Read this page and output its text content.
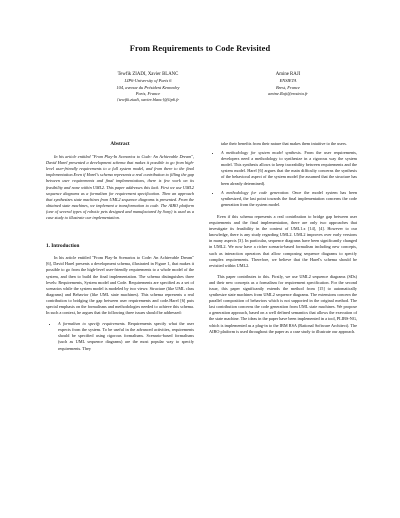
From Requirements to Code Revisited
Tewfik ZIADI, Xavier BLANC
LIP6-University of Paris 6
104, avenue du Président Kennedey
Paris, France
{tewfik.ziadi, xavier.blanc}@lip6.fr
Amine RAJI
ENSIETA
Brest, France
amine.Raji@ensieta.fr
Abstract

In his article entitled "From Play-In Scenarios to Code: An Achievable Dream", David Harel presented a development schema that makes it possible to go from high-level user-friendly requirements to a full system model, and from there to the final implementation.Even if Harel's schema represents a real contribution to filling the gap between user requirements and final implementations, there is few work on its feasibility and none within UML2. This paper addresses this lack. First we use UML2 sequence diagrams as a formalism for requirement specification. Then an approach that synthesizes state machines from UML2 sequence diagrams is presented. From the obtained state machines, we implement a transformation to code. The AIBO platform (one of several types of robotic pets designed and manufactured by Sony) is used as a case study to illustrate our implementation.

1. Introduction

In his article entitled "From Play-In Scenarios to Code: An Achievable Dream" [6], David Harel presents a development schema, illustrated in Figure 1, that makes it possible to go from the high-level user-friendly requirements to a whole model of the system, and then to build the final implementation. The schema distinguishes three levels: Requirements, System model and Code. Requirements are specified as a set of scenarios while the system model is modeled by two views: Structure (like UML class diagrams) and Behavior (like UML state machines). This schema represents a real contribution to bridging the gap between user requirements and code.Harel [6] puts special emphasis on the formalisms and methodologies needed to achieve this schema. In such a context, he argues that the following three issues should be addressed:

• A formalism to specify requirements. Requirements specify what the user expects from the system. To be useful in the advanced activities, requirements should be specified using rigorous formalisms. Scenario-based formalisms (such as UML sequence diagrams) are the most popular way to specify requirements. They
take their benefits from their nature that makes them intuitive to the users.
• A methodology for system model synthesis. From the user requirements, developers need a methodology to synthesize in a rigorous way the system model. This synthesis allows to keep traceability between requirements and the system model. Harel [6] argues that the main difficulty concerns the synthesis of the behavioral aspect of the system model (he assumed that the structure has been already determined).
• A methodology for code generation. Once the model system has been synthesized, the last point towards the final implementation concerns the code generation from the system model.

Even if this schema represents a real contribution to bridge gap between user requirements and the final implementation, there are only two approaches that investigate its feasibility in the context of UML1.x [14], [4]. However to our knowledge, there is any study regarding UML2. UML2 improves over early versions in many aspects [3]. In particular, sequence diagrams have been significantly changed in UML2. We now have a richer scenario-based formalism including new concepts, such as interaction operators that allow composing sequence diagrams to specify complex requirements. Therefore, we believe that the Harel's schema should be revisited within UML2.

This paper contributes to this. Firstly, we use UML2 sequence diagrams (SDs) and their new concepts as a formalism for requirement specification. For the second issue, this paper significantly extends the method from [15] to automatically synthesize state machines from UML2 sequence diagrams. The extensions concern the parallel composition of behaviors which is not supported in the original method. The last contribution concerns the code generation from UML state machines. We propose a generation approach, based on a well defined semantics that allows the execution of the state machine. The ideas in the paper have been implemented in a tool, PLIBS-NG, which is implemented as a plug-in to the IBM RSA (Rational Software Architect). The AIBO platform is used throughout the paper as a case study to illustrate our approach.
